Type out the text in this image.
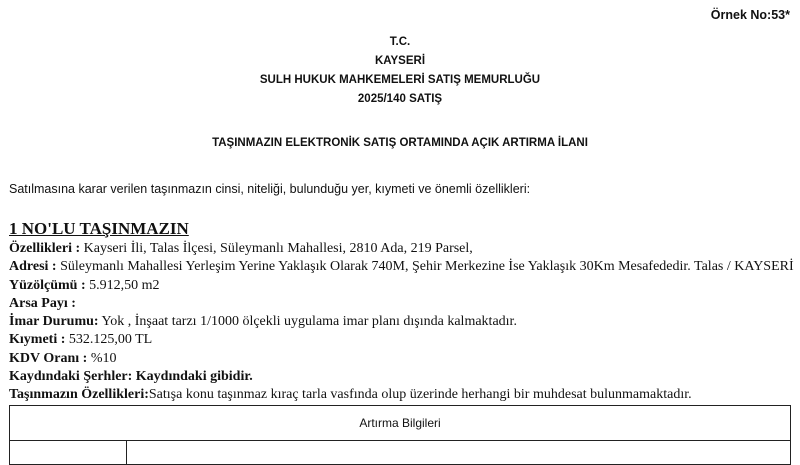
Örnek No:53*
T.C.
KAYSERİ
SULH HUKUK MAHKEMELERİ SATIŞ MEMURLUĞU
2025/140 SATIŞ
TAŞINMAZIN ELEKTRONİK SATIŞ ORTAMINDA AÇIK ARTIRMA İLANI
Satılmasına karar verilen taşınmazın cinsi, niteliği, bulunduğu yer, kıymeti ve önemli özellikleri:
1 NO'LU TAŞINMAZIN
Özellikleri : Kayseri İli, Talas İlçesi, Süleymanlı Mahallesi, 2810 Ada, 219 Parsel,
Adresi : Süleymanlı Mahallesi Yerleşim Yerine Yaklaşık Olarak 740M, Şehir Merkezine İse Yaklaşık 30Km Mesafededir. Talas / KAYSERİ
Yüzölçümü : 5.912,50 m2
Arsa Payı :
İmar Durumu: Yok , İnşaat tarzı 1/1000 ölçekli uygulama imar planı dışında kalmaktadır.
Kıymeti : 532.125,00 TL
KDV Oranı : %10
Kaydındaki Şerhler: Kaydındaki gibidir.
Taşınmazın Özellikleri:Satışa konu taşınmaz kıraç tarla vasfında olup üzerinde herhangi bir muhdesat bulunmamaktadır.
Artırma Bilgileri
